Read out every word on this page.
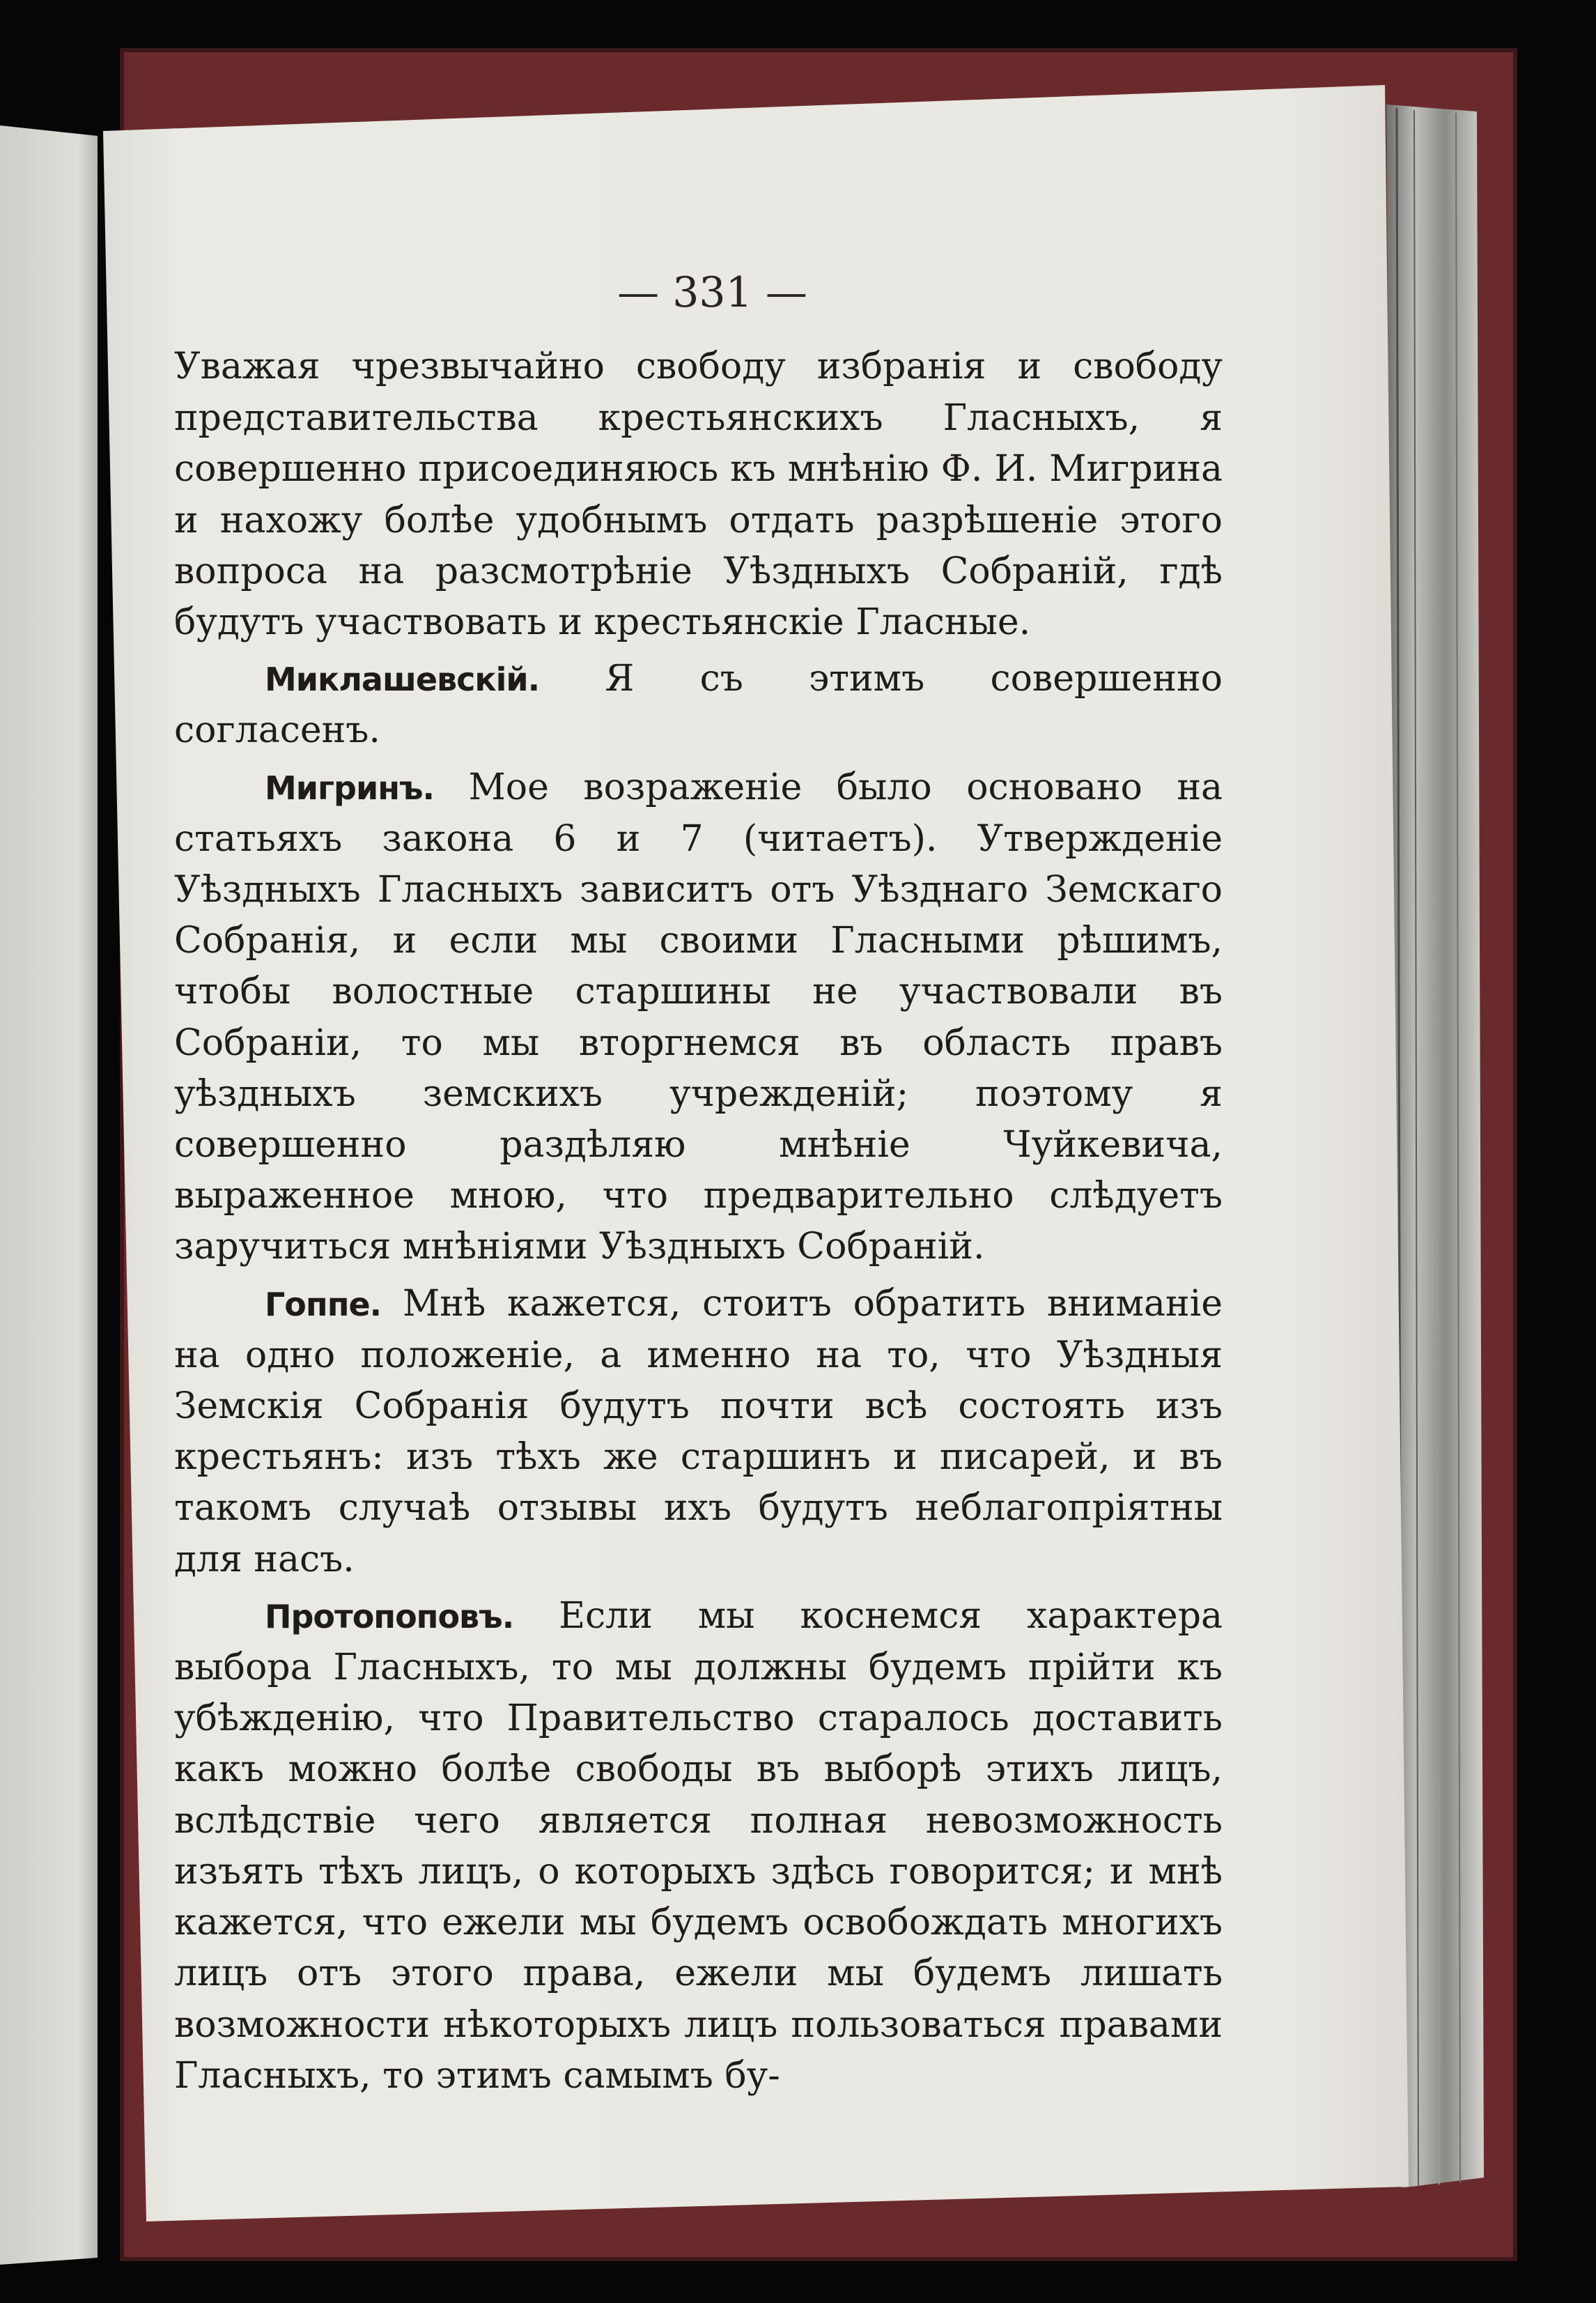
— 331 —

Уважая чрезвычайно свободу избранія и свободу представительства крестьянскихъ Гласныхъ, я совершенно присоединяюсь къ мнѣнію Ф. И. Мигрина и нахожу болѣе удобнымъ отдать разрѣшеніе этого вопроса на разсмотрѣніе Уѣздныхъ Собраній, гдѣ будутъ участвовать и крестьянскіе Гласные.

Миклашевскій. Я съ этимъ совершенно согласенъ.

Мигринъ. Мое возраженіе было основано на статьяхъ закона 6 и 7 (читаетъ). Утвержденіе Уѣздныхъ Гласныхъ зависитъ отъ Уѣзднаго Земскаго Собранія, и если мы своими Гласными рѣшимъ, чтобы волостные старшины не участвовали въ Собраніи, то мы вторгнемся въ область правъ уѣздныхъ земскихъ учрежденій; поэтому я совершенно раздѣляю мнѣніе Чуйкевича, выраженное мною, что предварительно слѣдуетъ заручиться мнѣніями Уѣздныхъ Собраній.

Гоппе. Мнѣ кажется, стоитъ обратить вниманіе на одно положеніе, а именно на то, что Уѣздныя Земскія Собранія будутъ почти всѣ состоять изъ крестьянъ: изъ тѣхъ же старшинъ и писарей, и въ такомъ случаѣ отзывы ихъ будутъ неблагопріятны для насъ.

Протопоповъ. Если мы коснемся характера выбора Гласныхъ, то мы должны будемъ прійти къ убѣжденію, что Правительство старалось доставить какъ можно болѣе свободы въ выборѣ этихъ лицъ, вслѣдствіе чего является полная невозможность изъять тѣхъ лицъ, о которыхъ здѣсь говорится; и мнѣ кажется, что ежели мы будемъ освобождать многихъ лицъ отъ этого права, ежели мы будемъ лишать возможности нѣкоторыхъ лицъ пользоваться правами Гласныхъ, то этимъ самымъ бу-
